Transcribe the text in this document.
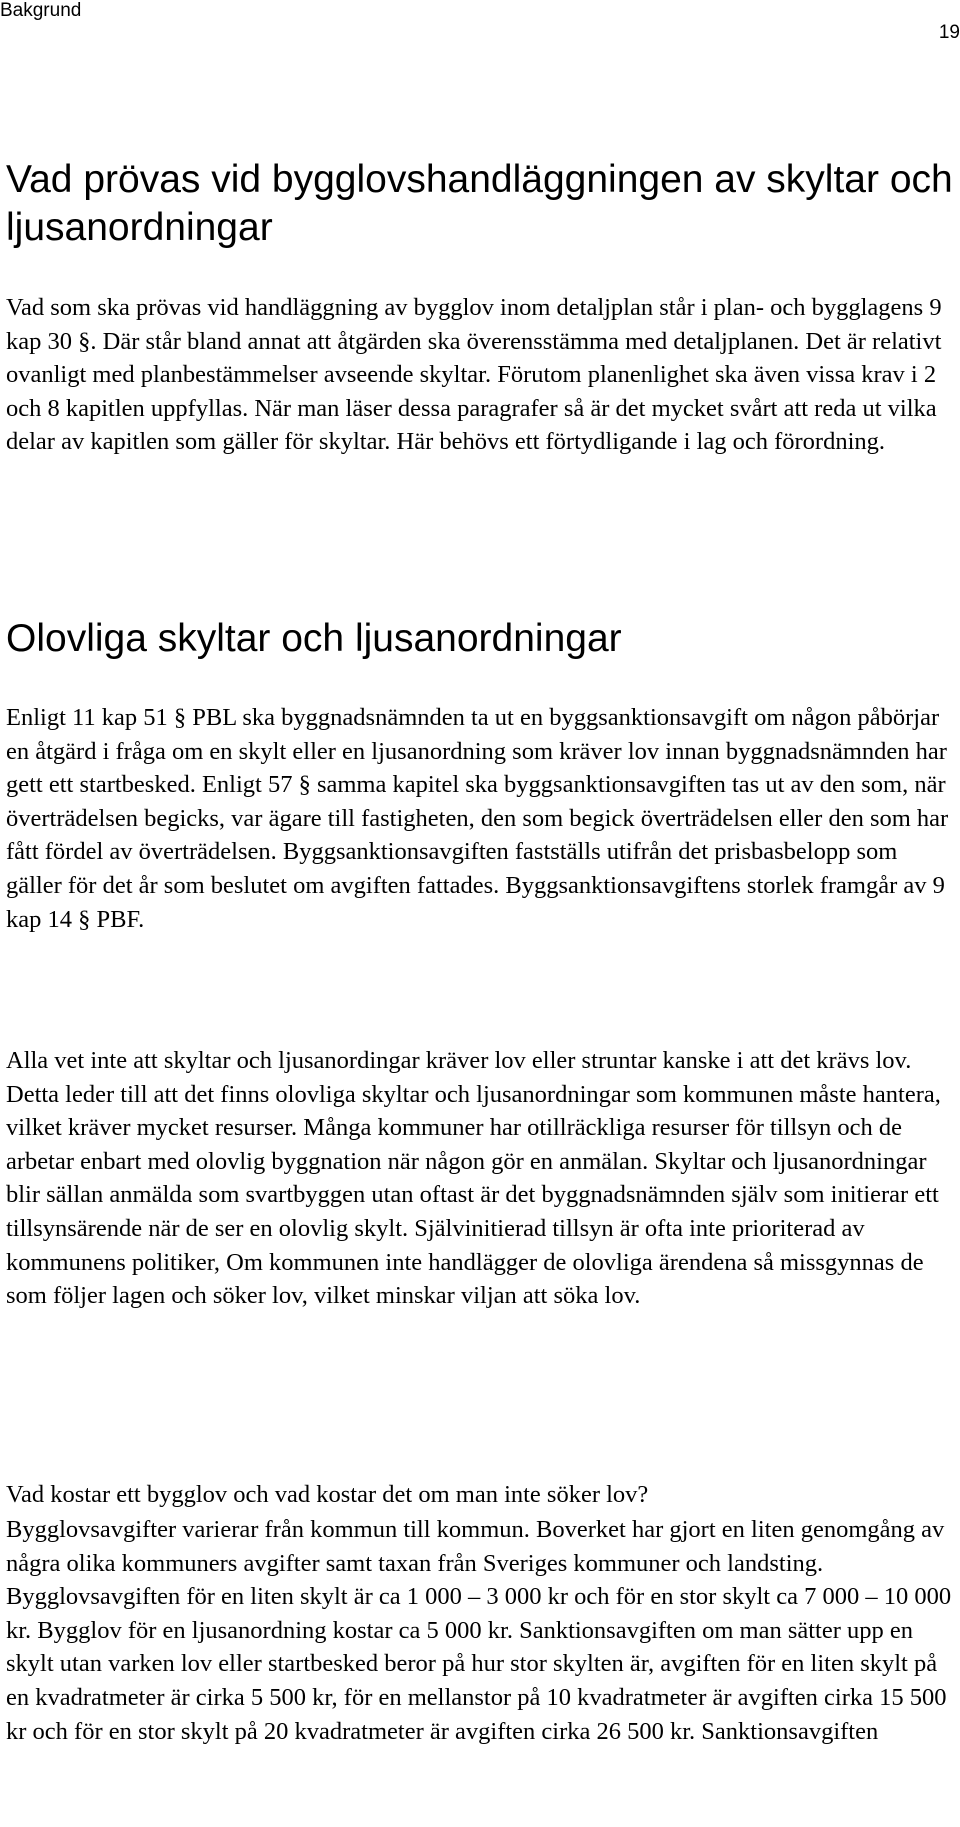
Bakgrund
19
Vad prövas vid bygglovshandläggningen av skyltar och ljusanordningar

Vad som ska prövas vid handläggning av bygglov inom detaljplan står i plan- och bygglagens 9 kap 30 §. Där står bland annat att åtgärden ska överensstämma med detaljplanen. Det är relativt ovanligt med planbestämmelser avseende skyltar. Förutom planenlighet ska även vissa krav i 2 och 8 kapitlen uppfyllas. När man läser dessa paragrafer så är det mycket svårt att reda ut vilka delar av kapitlen som gäller för skyltar. Här behövs ett förtydligande i lag och förordning.

Olovliga skyltar och ljusanordningar

Enligt 11 kap 51 § PBL ska byggnadsnämnden ta ut en byggsanktionsavgift om någon påbörjar en åtgärd i fråga om en skylt eller en ljusanordning som kräver lov innan byggnadsnämnden har gett ett startbesked. Enligt 57 § samma kapitel ska byggsanktionsavgiften tas ut av den som, när överträdelsen begicks, var ägare till fastigheten, den som begick överträdelsen eller den som har fått fördel av överträdelsen. Byggsanktionsavgiften fastställs utifrån det prisbasbelopp som gäller för det år som beslutet om avgiften fattades. Byggsanktionsavgiftens storlek framgår av 9 kap 14 § PBF.

Alla vet inte att skyltar och ljusanordingar kräver lov eller struntar kanske i att det krävs lov. Detta leder till att det finns olovliga skyltar och ljusanordningar som kommunen måste hantera, vilket kräver mycket resurser. Många kommuner har otillräckliga resurser för tillsyn och de arbetar enbart med olovlig byggnation när någon gör en anmälan. Skyltar och ljusanordningar blir sällan anmälda som svartbyggen utan oftast är det byggnadsnämnden själv som initierar ett tillsynsärende när de ser en olovlig skylt. Självinitierad tillsyn är ofta inte prioriterad av kommunens politiker, Om kommunen inte handlägger de olovliga ärendena så missgynnas de som följer lagen och söker lov, vilket minskar viljan att söka lov.

Vad kostar ett bygglov och vad kostar det om man inte söker lov?

Bygglovsavgifter varierar från kommun till kommun. Boverket har gjort en liten genomgång av några olika kommuners avgifter samt taxan från Sveriges kommuner och landsting. Bygglovsavgiften för en liten skylt är ca 1 000 – 3 000 kr och för en stor skylt ca 7 000 – 10 000 kr. Bygglov för en ljusanordning kostar ca 5 000 kr. Sanktionsavgiften om man sätter upp en skylt utan varken lov eller startbesked beror på hur stor skylten är, avgiften för en liten skylt på en kvadratmeter är cirka 5 500 kr, för en mellanstor på 10 kvadratmeter är avgiften cirka 15 500 kr och för en stor skylt på 20 kvadratmeter är avgiften cirka 26 500 kr. Sanktionsavgiften
